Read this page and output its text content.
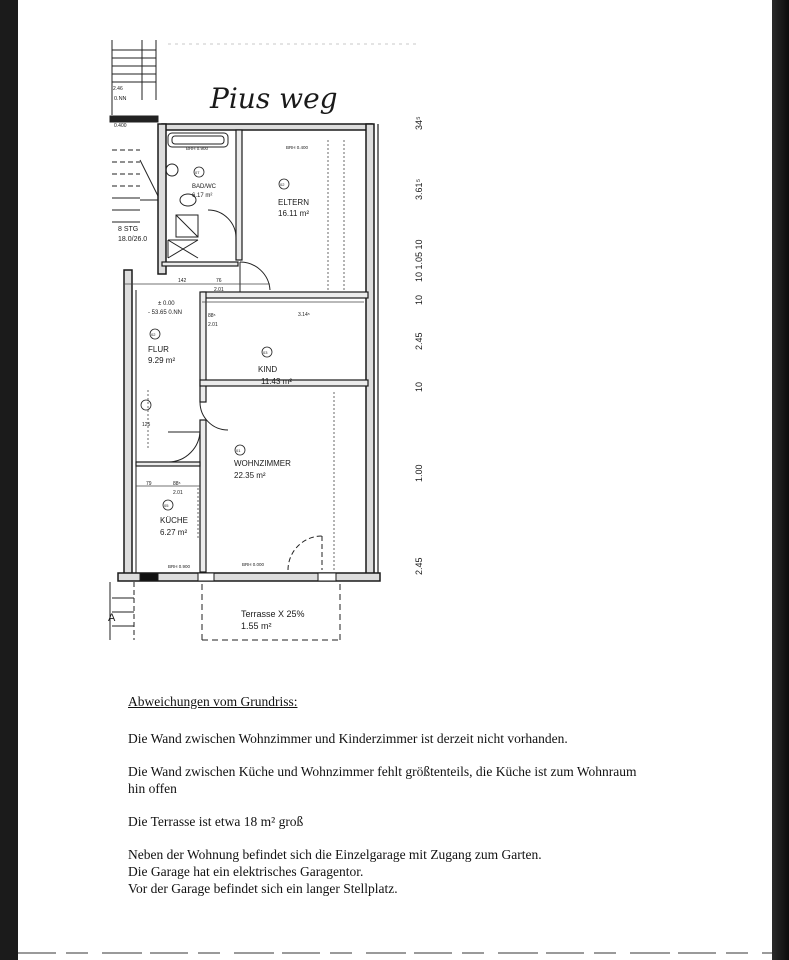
Pius weg
2.46
0.NN
0.400
8 STG
18.0/26.0
07
BAD/WC
6.17 m²
02
ELTERN
16.11 m²
02
FLUR
9.29 m²
03
KIND
11.43 m²
01
WOHNZIMMER
22.35 m²
05
KÜCHE
6.27 m²
Terrasse X 25%
1.55 m²
BRH 0.900	BRH 0.400
± 0.00
- 53.65 0.NN
142	76
2.01
88⁵
2.01
3.14⁵
79	88⁵
2.01
125
BRH 0.900	BRH 0.000
A
34⁵
3.61⁵
10 1.05 10
10
2.45
10
1.00
2.45

Abweichungen vom Grundriss:

Die Wand zwischen Wohnzimmer und Kinderzimmer ist derzeit nicht vorhanden.

Die Wand zwischen Küche und Wohnzimmer fehlt größtenteils, die Küche ist zum Wohnraum hin offen

Die Terrasse ist etwa 18 m² groß

Neben der Wohnung befindet sich die Einzelgarage mit Zugang zum Garten.

Die Garage hat ein elektrisches Garagentor.

Vor der Garage befindet sich ein langer Stellplatz.
